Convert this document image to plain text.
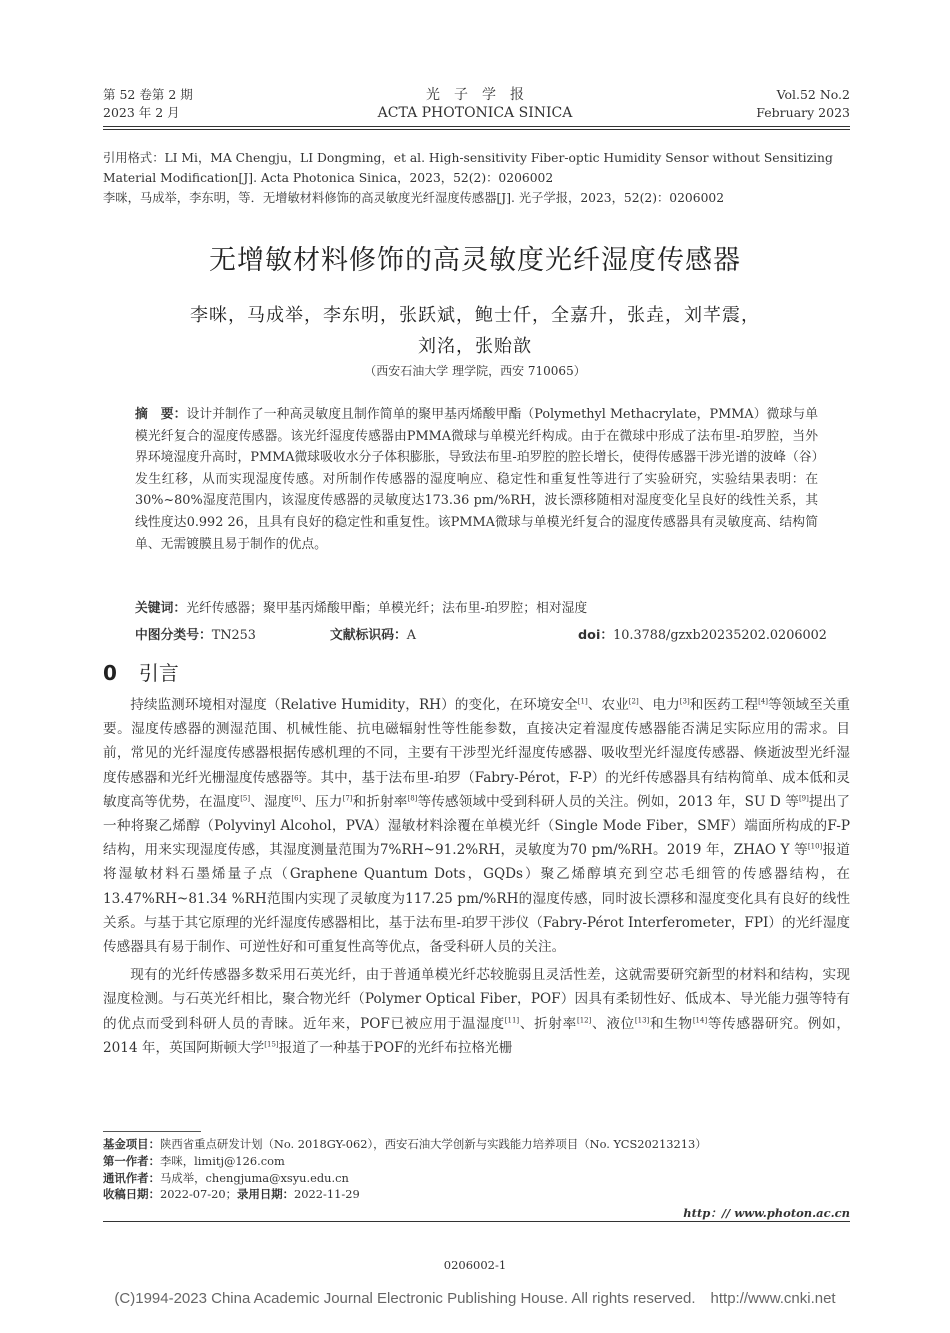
第 52 卷第 2 期
2023 年 2 月
光　子　学　报
ACTA PHOTONICA SINICA
Vol.52 No.2
February 2023
引用格式：LI Mi，MA Chengju，LI Dongming，et al. High-sensitivity Fiber-optic Humidity Sensor without Sensitizing Material Modification[J]. Acta Photonica Sinica，2023，52(2)：0206002
李咪，马成举，李东明，等．无增敏材料修饰的高灵敏度光纤湿度传感器[J]. 光子学报，2023，52(2)：0206002
无增敏材料修饰的高灵敏度光纤湿度传感器
李咪，马成举，李东明，张跃斌，鲍士仟，全嘉升，张垚，刘芊震，
刘洺，张贻歆
（西安石油大学 理学院，西安 710065）
摘　要：设计并制作了一种高灵敏度且制作简单的聚甲基丙烯酸甲酯（Polymethyl Methacrylate，PMMA）微球与单模光纤复合的湿度传感器。该光纤湿度传感器由PMMA微球与单模光纤构成。由于在微球中形成了法布里-珀罗腔，当外界环境湿度升高时，PMMA微球吸收水分子体积膨胀，导致法布里-珀罗腔的腔长增长，使得传感器干涉光谱的波峰（谷）发生红移，从而实现湿度传感。对所制作传感器的湿度响应、稳定性和重复性等进行了实验研究，实验结果表明：在30%~80%湿度范围内，该湿度传感器的灵敏度达173.36 pm/%RH，波长漂移随相对湿度变化呈良好的线性关系，其线性度达0.992 26，且具有良好的稳定性和重复性。该PMMA微球与单模光纤复合的湿度传感器具有灵敏度高、结构简单、无需镀膜且易于制作的优点。
关键词：光纤传感器；聚甲基丙烯酸甲酯；单模光纤；法布里-珀罗腔；相对湿度
中图分类号：TN253	文献标识码：A	doi：10.3788/gzxb20235202.0206002
0 引言

持续监测环境相对湿度（Relative Humidity，RH）的变化，在环境安全[1]、农业[2]、电力[3]和医药工程[4]等领域至关重要。湿度传感器的测湿范围、机械性能、抗电磁辐射性等性能参数，直接决定着湿度传感器能否满足实际应用的需求。目前，常见的光纤湿度传感器根据传感机理的不同，主要有干涉型光纤湿度传感器、吸收型光纤湿度传感器、倏逝波型光纤湿度传感器和光纤光栅湿度传感器等。其中，基于法布里-珀罗（Fabry-Pérot，F-P）的光纤传感器具有结构简单、成本低和灵敏度高等优势，在温度[5]、湿度[6]、压力[7]和折射率[8]等传感领域中受到科研人员的关注。例如，2013 年，SU D 等[9]提出了一种将聚乙烯醇（Polyvinyl Alcohol，PVA）湿敏材料涂覆在单模光纤（Single Mode Fiber，SMF）端面所构成的F-P结构，用来实现湿度传感，其湿度测量范围为7%RH~91.2%RH，灵敏度为70 pm/%RH。2019 年，ZHAO Y 等[10]报道将湿敏材料石墨烯量子点（Graphene Quantum Dots，GQDs）聚乙烯醇填充到空芯毛细管的传感器结构，在13.47%RH~81.34 %RH范围内实现了灵敏度为117.25 pm/%RH的湿度传感，同时波长漂移和湿度变化具有良好的线性关系。与基于其它原理的光纤湿度传感器相比，基于法布里-珀罗干涉仪（Fabry-Pérot Interferometer，FPI）的光纤湿度传感器具有易于制作、可逆性好和可重复性高等优点，备受科研人员的关注。

现有的光纤传感器多数采用石英光纤，由于普通单模光纤芯较脆弱且灵活性差，这就需要研究新型的材料和结构，实现湿度检测。与石英光纤相比，聚合物光纤（Polymer Optical Fiber，POF）因具有柔韧性好、低成本、导光能力强等特有的优点而受到科研人员的青睐。近年来，POF已被应用于温湿度[11]、折射率[12]、液位[13]和生物[14]等传感器研究。例如，2014 年，英国阿斯顿大学[15]报道了一种基于POF的光纤布拉格光栅

基金项目：陕西省重点研发计划（No. 2018GY-062），西安石油大学创新与实践能力培养项目（No. YCS20213213）
第一作者：李咪，limitj@126.com
通讯作者：马成举，chengjuma@xsyu.edu.cn
收稿日期：2022-07-20；录用日期：2022-11-29
http：// www.photon.ac.cn
0206002-1
(C)1994-2023 China Academic Journal Electronic Publishing House. All rights reserved.　http://www.cnki.net
